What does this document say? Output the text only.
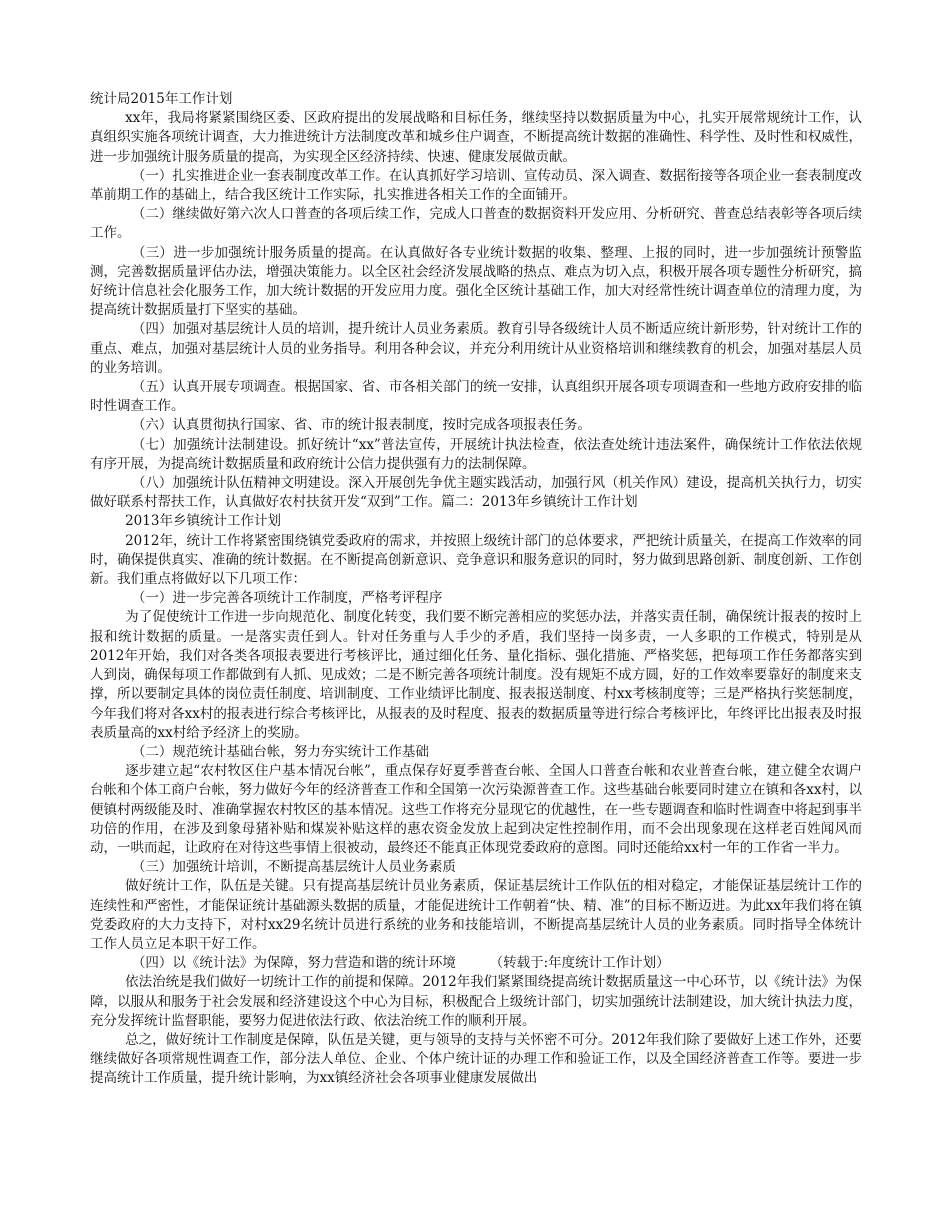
统计局2015年工作计划

xx年，我局将紧紧围绕区委、区政府提出的发展战略和目标任务，继续坚持以数据质量为中心，扎实开展常规统计工作，认真组织实施各项统计调查，大力推进统计方法制度改革和城乡住户调查，不断提高统计数据的准确性、科学性、及时性和权威性，进一步加强统计服务质量的提高，为实现全区经济持续、快速、健康发展做贡献。

（一）扎实推进企业一套表制度改革工作。在认真抓好学习培训、宣传动员、深入调查、数据衔接等各项企业一套表制度改革前期工作的基础上，结合我区统计工作实际，扎实推进各相关工作的全面铺开。

（二）继续做好第六次人口普查的各项后续工作，完成人口普查的数据资料开发应用、分析研究、普查总结表彰等各项后续工作。

（三）进一步加强统计服务质量的提高。在认真做好各专业统计数据的收集、整理、上报的同时，进一步加强统计预警监测，完善数据质量评估办法，增强决策能力。以全区社会经济发展战略的热点、难点为切入点，积极开展各项专题性分析研究，搞好统计信息社会化服务工作，加大统计数据的开发应用力度。强化全区统计基础工作，加大对经常性统计调查单位的清理力度，为提高统计数据质量打下坚实的基础。

（四）加强对基层统计人员的培训，提升统计人员业务素质。教育引导各级统计人员不断适应统计新形势，针对统计工作的重点、难点，加强对基层统计人员的业务指导。利用各种会议，并充分利用统计从业资格培训和继续教育的机会，加强对基层人员的业务培训。

（五）认真开展专项调查。根据国家、省、市各相关部门的统一安排，认真组织开展各项专项调查和一些地方政府安排的临时性调查工作。

（六）认真贯彻执行国家、省、市的统计报表制度，按时完成各项报表任务。

（七）加强统计法制建设。抓好统计“xx”普法宣传，开展统计执法检查，依法查处统计违法案件，确保统计工作依法依规有序开展，为提高统计数据质量和政府统计公信力提供强有力的法制保障。

（八）加强统计队伍精神文明建设。深入开展创先争优主题实践活动，加强行风（机关作风）建设，提高机关执行力，切实做好联系村帮扶工作，认真做好农村扶贫开发“双到”工作。篇二：2013年乡镇统计工作计划

2013年乡镇统计工作计划

2012年，统计工作将紧密围绕镇党委政府的需求，并按照上级统计部门的总体要求，严把统计质量关，在提高工作效率的同时，确保提供真实、准确的统计数据。在不断提高创新意识、竞争意识和服务意识的同时，努力做到思路创新、制度创新、工作创新。我们重点将做好以下几项工作：

（一）进一步完善各项统计工作制度，严格考评程序

为了促使统计工作进一步向规范化、制度化转变，我们要不断完善相应的奖惩办法，并落实责任制，确保统计报表的按时上报和统计数据的质量。一是落实责任到人。针对任务重与人手少的矛盾，我们坚持一岗多责，一人多职的工作模式，特别是从2012年开始，我们对各类各项报表要进行考核评比，通过细化任务、量化指标、强化措施、严格奖惩，把每项工作任务都落实到人到岗，确保每项工作都做到有人抓、见成效；二是不断完善各项统计制度。没有规矩不成方圆，好的工作效率要靠好的制度来支撑，所以要制定具体的岗位责任制度、培训制度、工作业绩评比制度、报表报送制度、村xx考核制度等；三是严格执行奖惩制度，今年我们将对各xx村的报表进行综合考核评比，从报表的及时程度、报表的数据质量等进行综合考核评比，年终评比出报表及时报表质量高的xx村给予经济上的奖励。

（二）规范统计基础台帐，努力夯实统计工作基础

逐步建立起“农村牧区住户基本情况台帐”，重点保存好夏季普查台帐、全国人口普查台帐和农业普查台帐，建立健全农调户台帐和个体工商户台帐，努力做好今年的经济普查工作和全国第一次污染源普查工作。这些基础台帐要同时建立在镇和各xx村，以便镇村两级能及时、准确掌握农村牧区的基本情况。这些工作将充分显现它的优越性，在一些专题调查和临时性调查中将起到事半功倍的作用，在涉及到象母猪补贴和煤炭补贴这样的惠农资金发放上起到决定性控制作用，而不会出现象现在这样老百姓闻风而动，一哄而起，让政府在对待这些事情上很被动，最终还不能真正体现党委政府的意图。同时还能给xx村一年的工作省一半力。

（三）加强统计培训，不断提高基层统计人员业务素质

做好统计工作，队伍是关键。只有提高基层统计员业务素质，保证基层统计工作队伍的相对稳定，才能保证基层统计工作的连续性和严密性，才能保证统计基础源头数据的质量，才能促进统计工作朝着“快、精、准”的目标不断迈进。为此xx年我们将在镇党委政府的大力支持下，对村xx29名统计员进行系统的业务和技能培训，不断提高基层统计人员的业务素质。同时指导全体统计工作人员立足本职干好工作。

（四）以《统计法》为保障，努力营造和谐的统计环境　　　（转载于:年度统计工作计划）

依法治统是我们做好一切统计工作的前提和保障。2012年我们紧紧围绕提高统计数据质量这一中心环节，以《统计法》为保障，以服从和服务于社会发展和经济建设这个中心为目标，积极配合上级统计部门，切实加强统计法制建设，加大统计执法力度，充分发挥统计监督职能，要努力促进依法行政、依法治统工作的顺利开展。

总之，做好统计工作制度是保障，队伍是关键，更与领导的支持与关怀密不可分。2012年我们除了要做好上述工作外，还要继续做好各项常规性调查工作，部分法人单位、企业、个体户统计证的办理工作和验证工作，以及全国经济普查工作等。要进一步提高统计工作质量，提升统计影响，为xx镇经济社会各项事业健康发展做出
